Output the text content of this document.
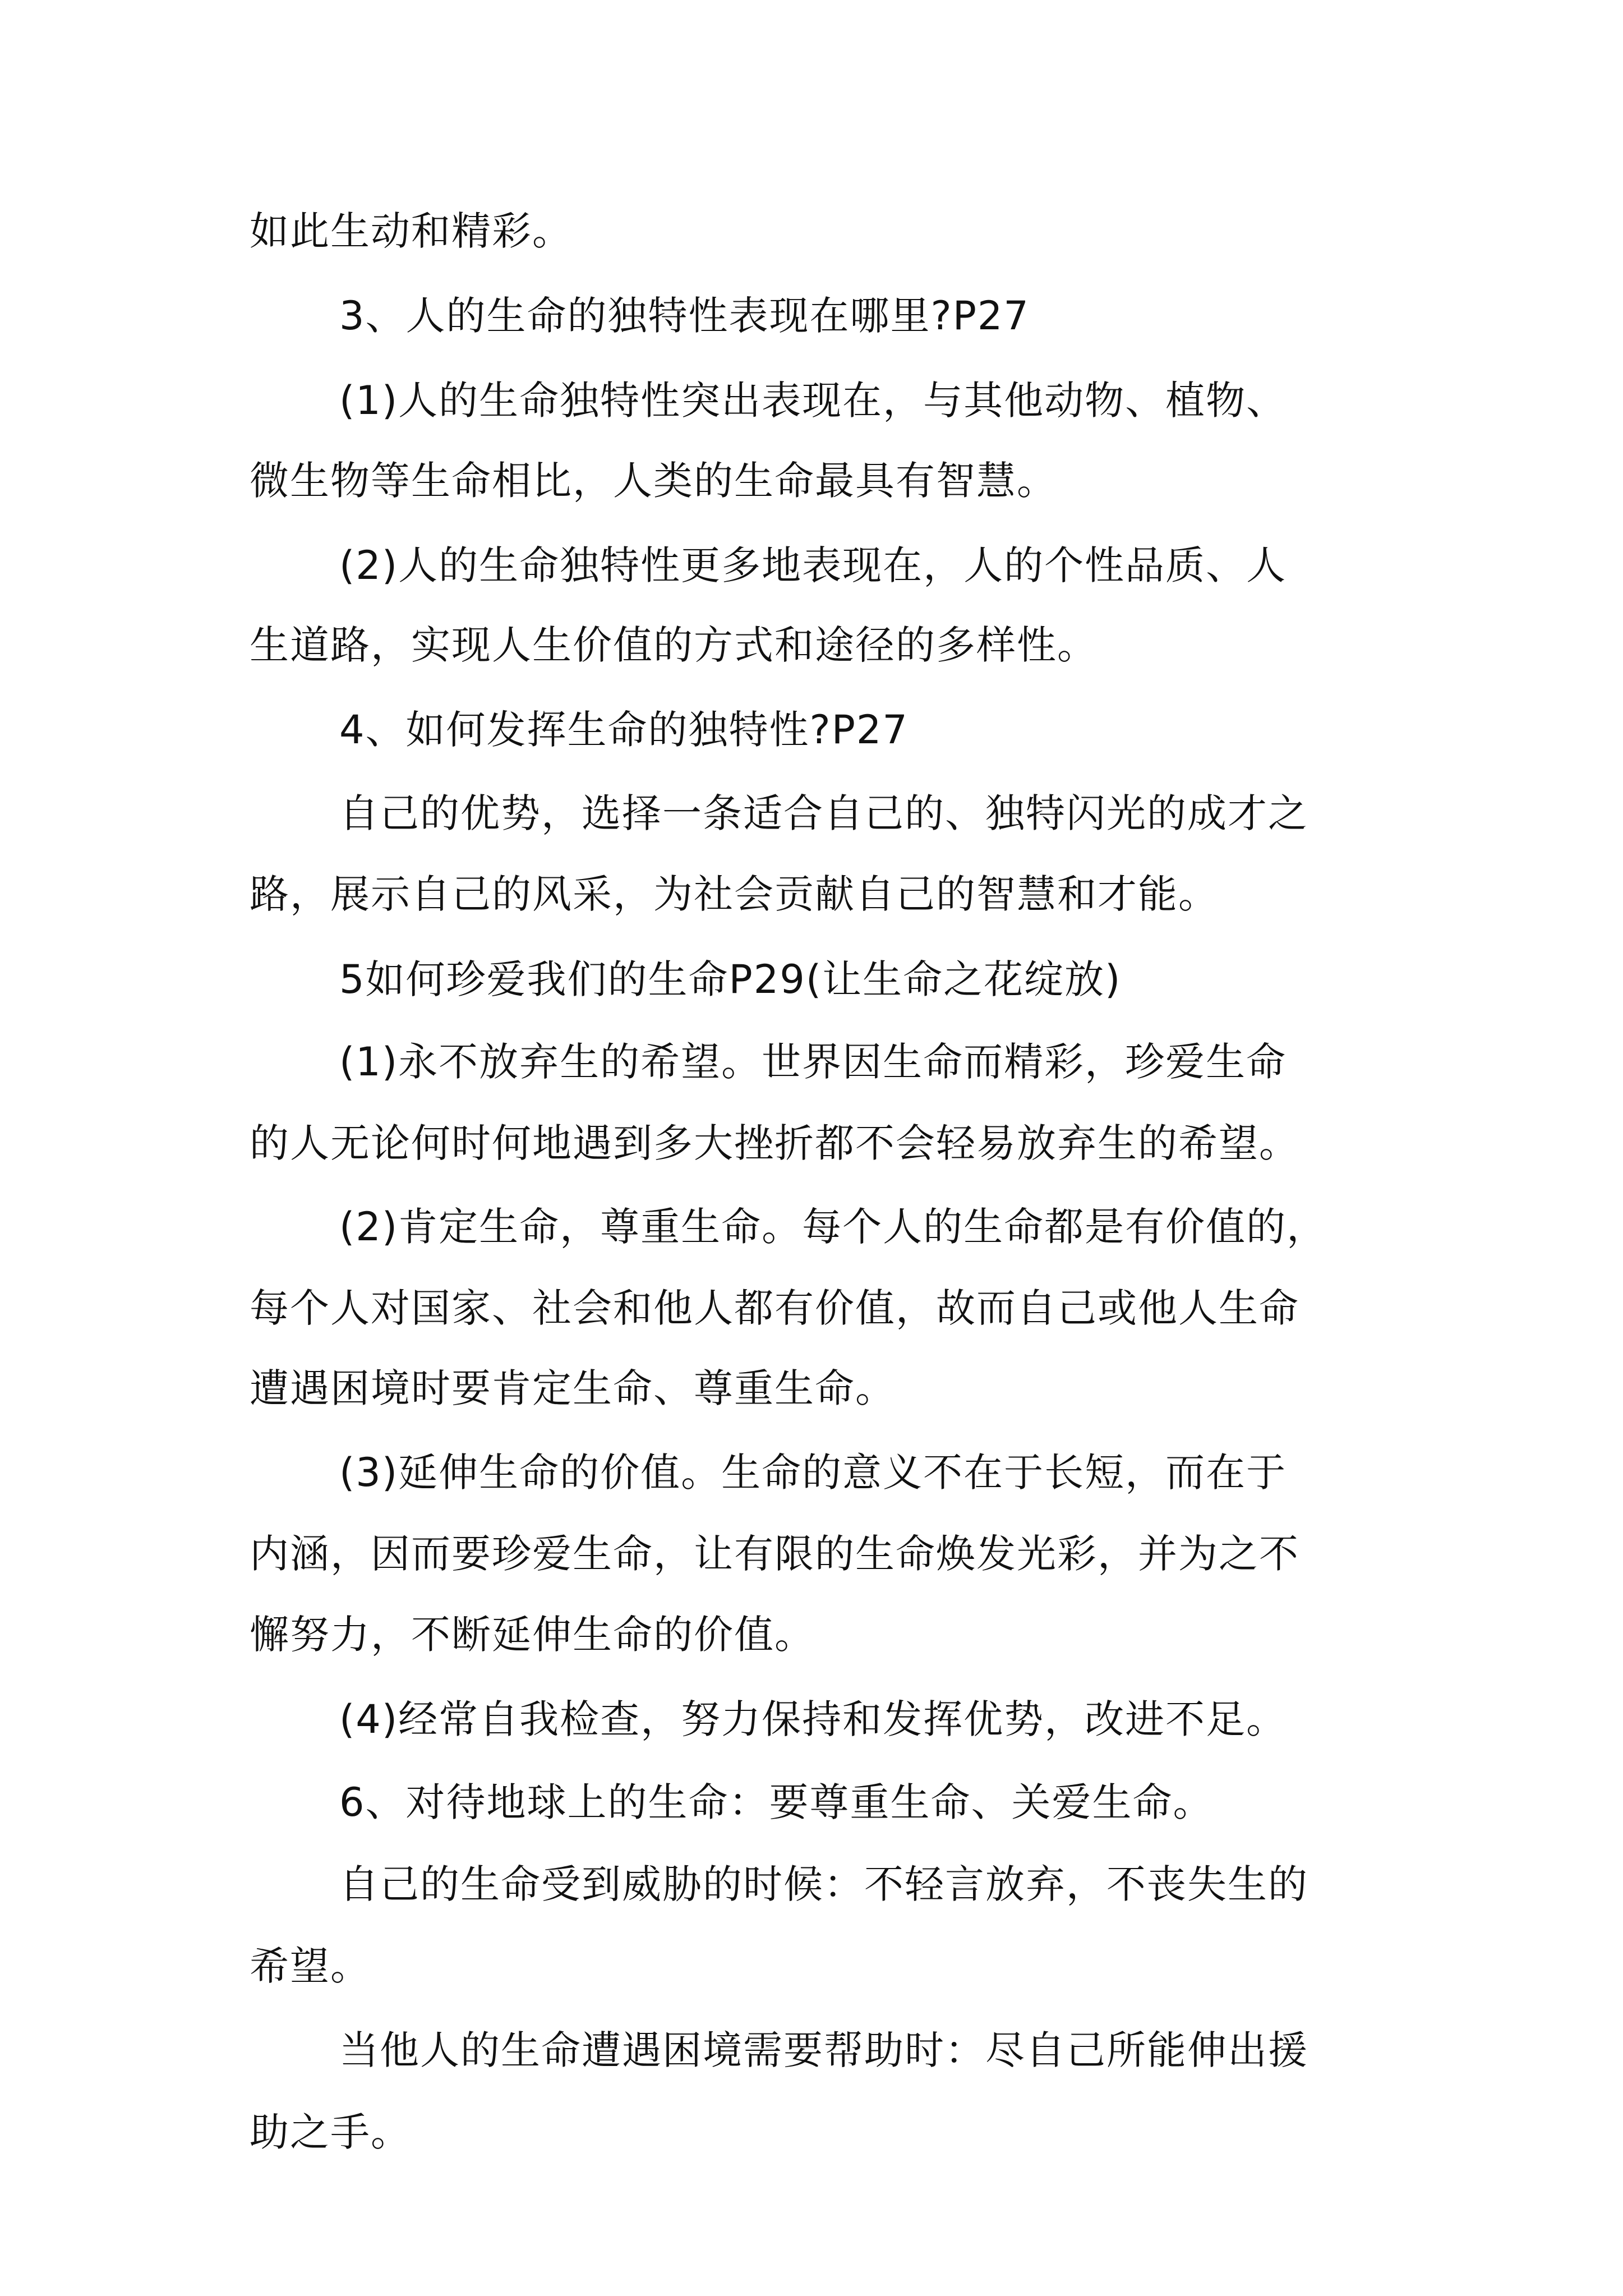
如此生动和精彩。
3、人的生命的独特性表现在哪里?P27
(1)人的生命独特性突出表现在，与其他动物、植物、
微生物等生命相比，人类的生命最具有智慧。
(2)人的生命独特性更多地表现在，人的个性品质、人
生道路，实现人生价值的方式和途径的多样性。
4、如何发挥生命的独特性?P27
自己的优势，选择一条适合自己的、独特闪光的成才之
路，展示自己的风采，为社会贡献自己的智慧和才能。
5如何珍爱我们的生命P29(让生命之花绽放)
(1)永不放弃生的希望。世界因生命而精彩，珍爱生命
的人无论何时何地遇到多大挫折都不会轻易放弃生的希望。
(2)肯定生命，尊重生命。每个人的生命都是有价值的，
每个人对国家、社会和他人都有价值，故而自己或他人生命
遭遇困境时要肯定生命、尊重生命。
(3)延伸生命的价值。生命的意义不在于长短，而在于
内涵，因而要珍爱生命，让有限的生命焕发光彩，并为之不
懈努力，不断延伸生命的价值。
(4)经常自我检查，努力保持和发挥优势，改进不足。
6、对待地球上的生命：要尊重生命、关爱生命。
自己的生命受到威胁的时候：不轻言放弃，不丧失生的
希望。
当他人的生命遭遇困境需要帮助时：尽自己所能伸出援
助之手。
